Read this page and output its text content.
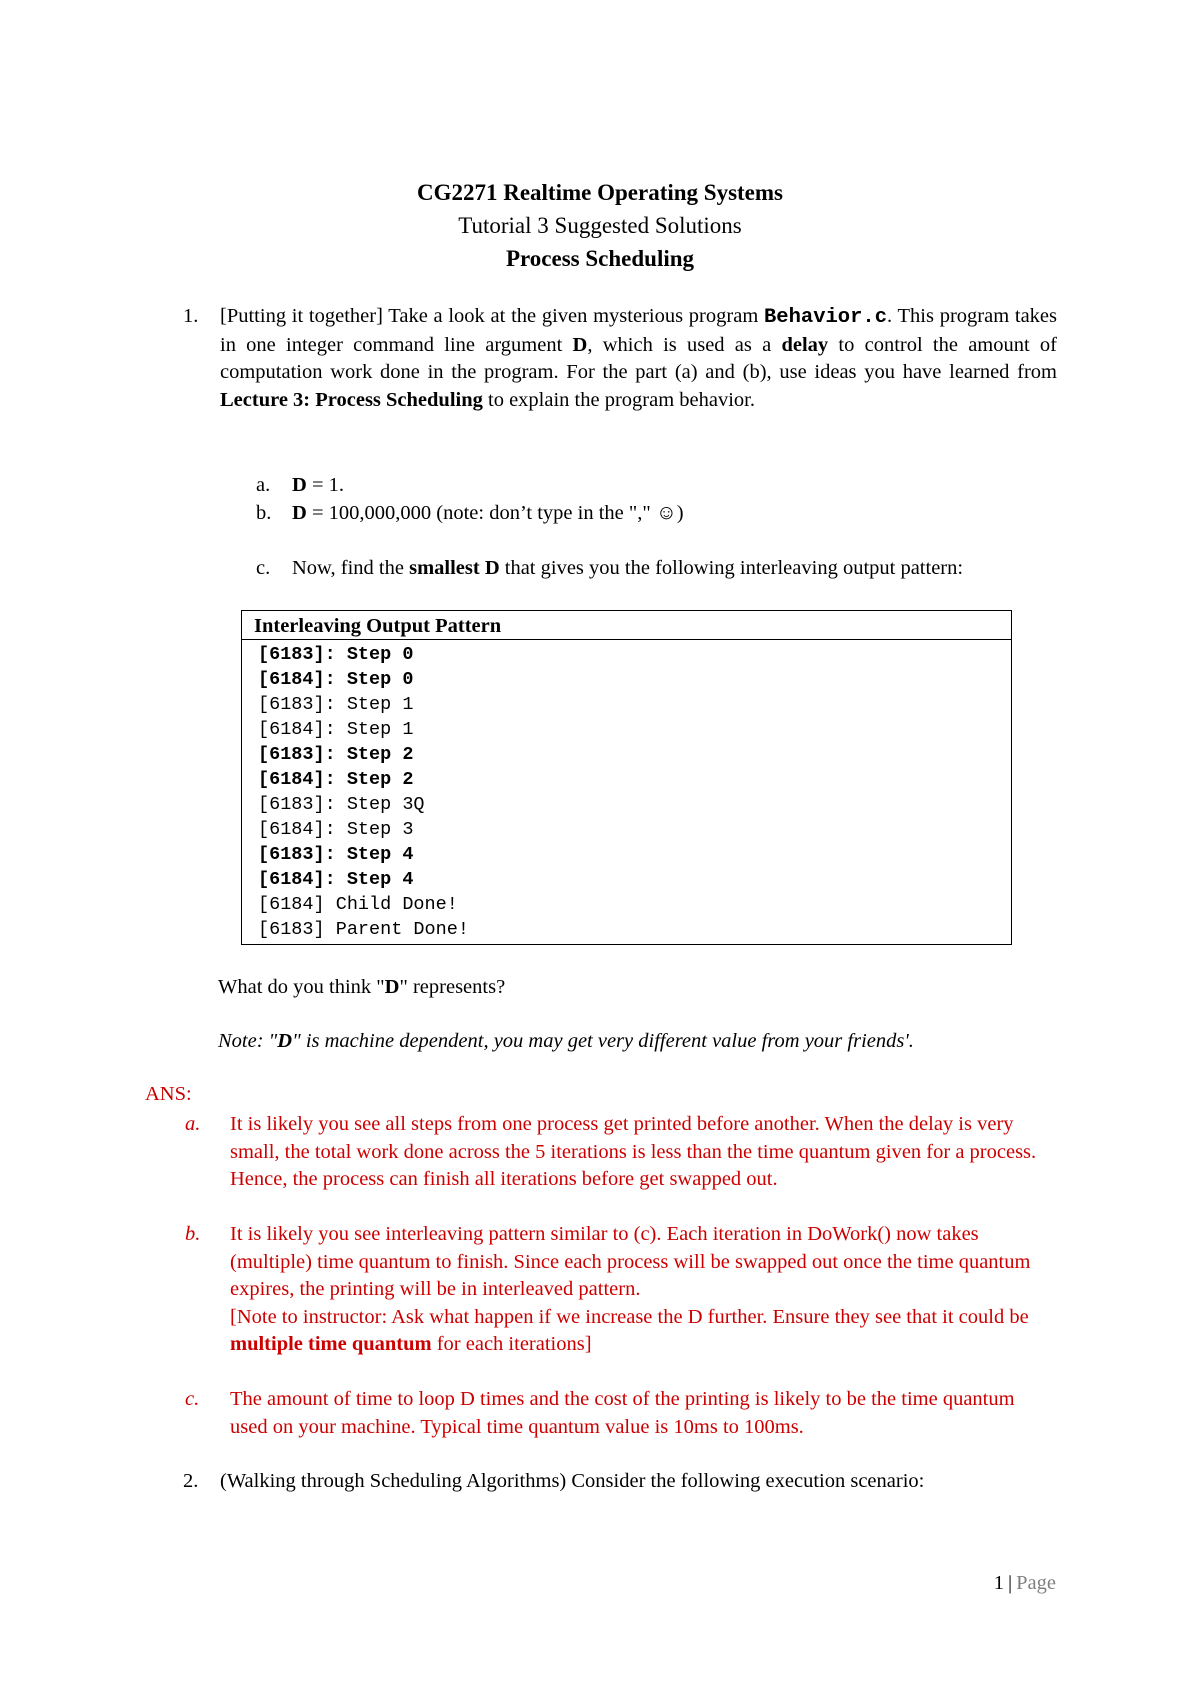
CG2271 Realtime Operating Systems
Tutorial 3 Suggested Solutions
Process Scheduling
1. [Putting it together] Take a look at the given mysterious program Behavior.c. This program takes in one integer command line argument D, which is used as a delay to control the amount of computation work done in the program. For the part (a) and (b), use ideas you have learned from Lecture 3: Process Scheduling to explain the program behavior.
a.	D = 1.
b.	D = 100,000,000 (note: don’t type in the "," ☺)
c.	Now, find the smallest D that gives you the following interleaving output pattern:
Interleaving Output Pattern
[6183]: Step 0
[6184]: Step 0
[6183]: Step 1
[6184]: Step 1
[6183]: Step 2
[6184]: Step 2
[6183]: Step 3Q
[6184]: Step 3
[6183]: Step 4
[6184]: Step 4
[6184] Child Done!
[6183] Parent Done!
What do you think "D" represents?
Note: "D" is machine dependent, you may get very different value from your friends'.
ANS:
a. It is likely you see all steps from one process get printed before another. When the delay is very small, the total work done across the 5 iterations is less than the time quantum given for a process. Hence, the process can finish all iterations before get swapped out.
b. It is likely you see interleaving pattern similar to (c). Each iteration in DoWork() now takes (multiple) time quantum to finish. Since each process will be swapped out once the time quantum expires, the printing will be in interleaved pattern.
[Note to instructor: Ask what happen if we increase the D further. Ensure they see that it could be multiple time quantum for each iterations]
c. The amount of time to loop D times and the cost of the printing is likely to be the time quantum used on your machine. Typical time quantum value is 10ms to 100ms.
2. (Walking through Scheduling Algorithms) Consider the following execution scenario:
1 | Page
